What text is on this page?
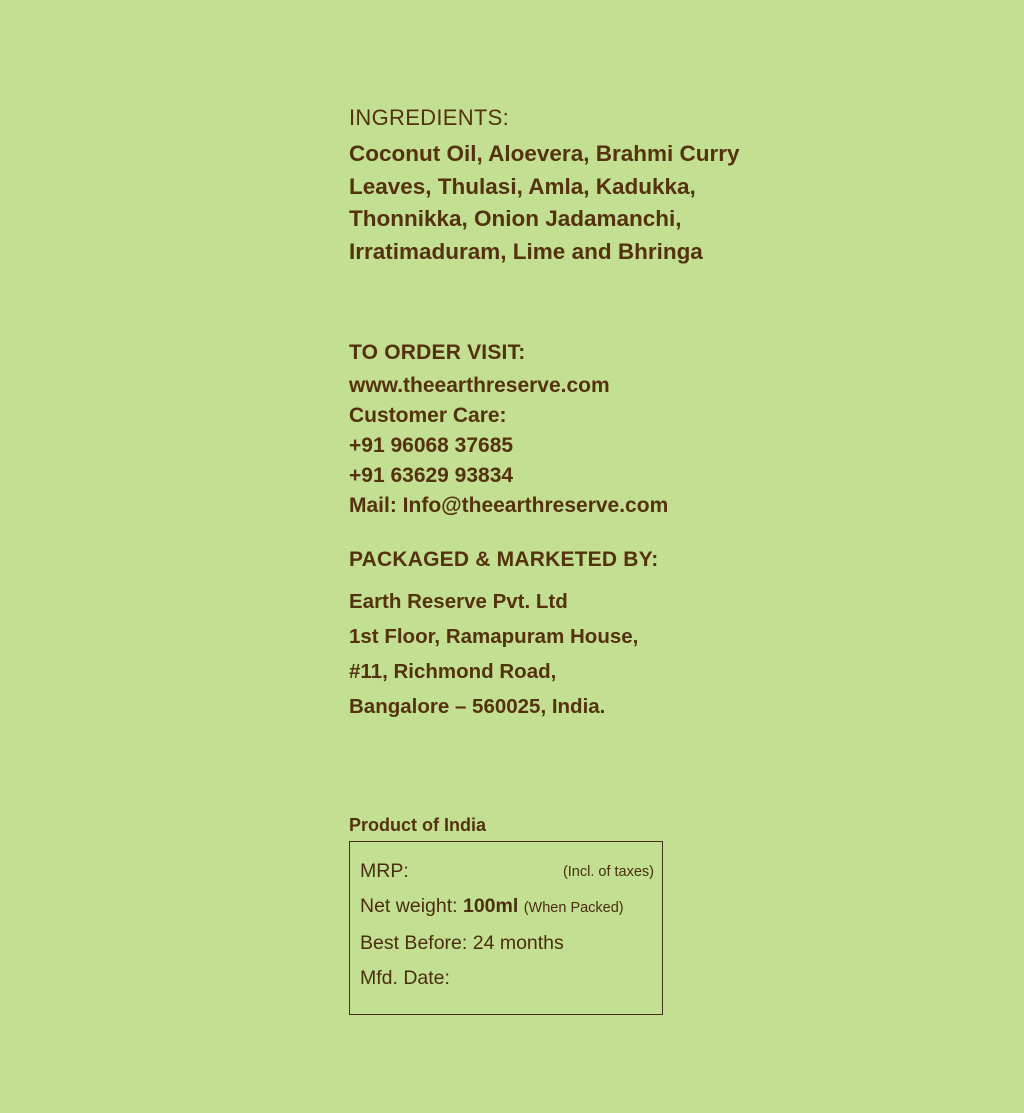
INGREDIENTS:
Coconut Oil, Aloevera, Brahmi Curry Leaves, Thulasi, Amla, Kadukka, Thonnikka, Onion Jadamanchi, Irratimaduram, Lime and Bhringa
TO ORDER VISIT:
www.theearthreserve.com
Customer Care:
+91 96068 37685
+91 63629 93834
Mail: Info@theearthreserve.com
PACKAGED & MARKETED BY:
Earth Reserve Pvt. Ltd
1st Floor, Ramapuram House,
#11, Richmond Road,
Bangalore – 560025, India.
Product of India
MRP:	(Incl. of taxes)
Net weight: 100ml (When Packed)
Best Before: 24 months
Mfd. Date:
